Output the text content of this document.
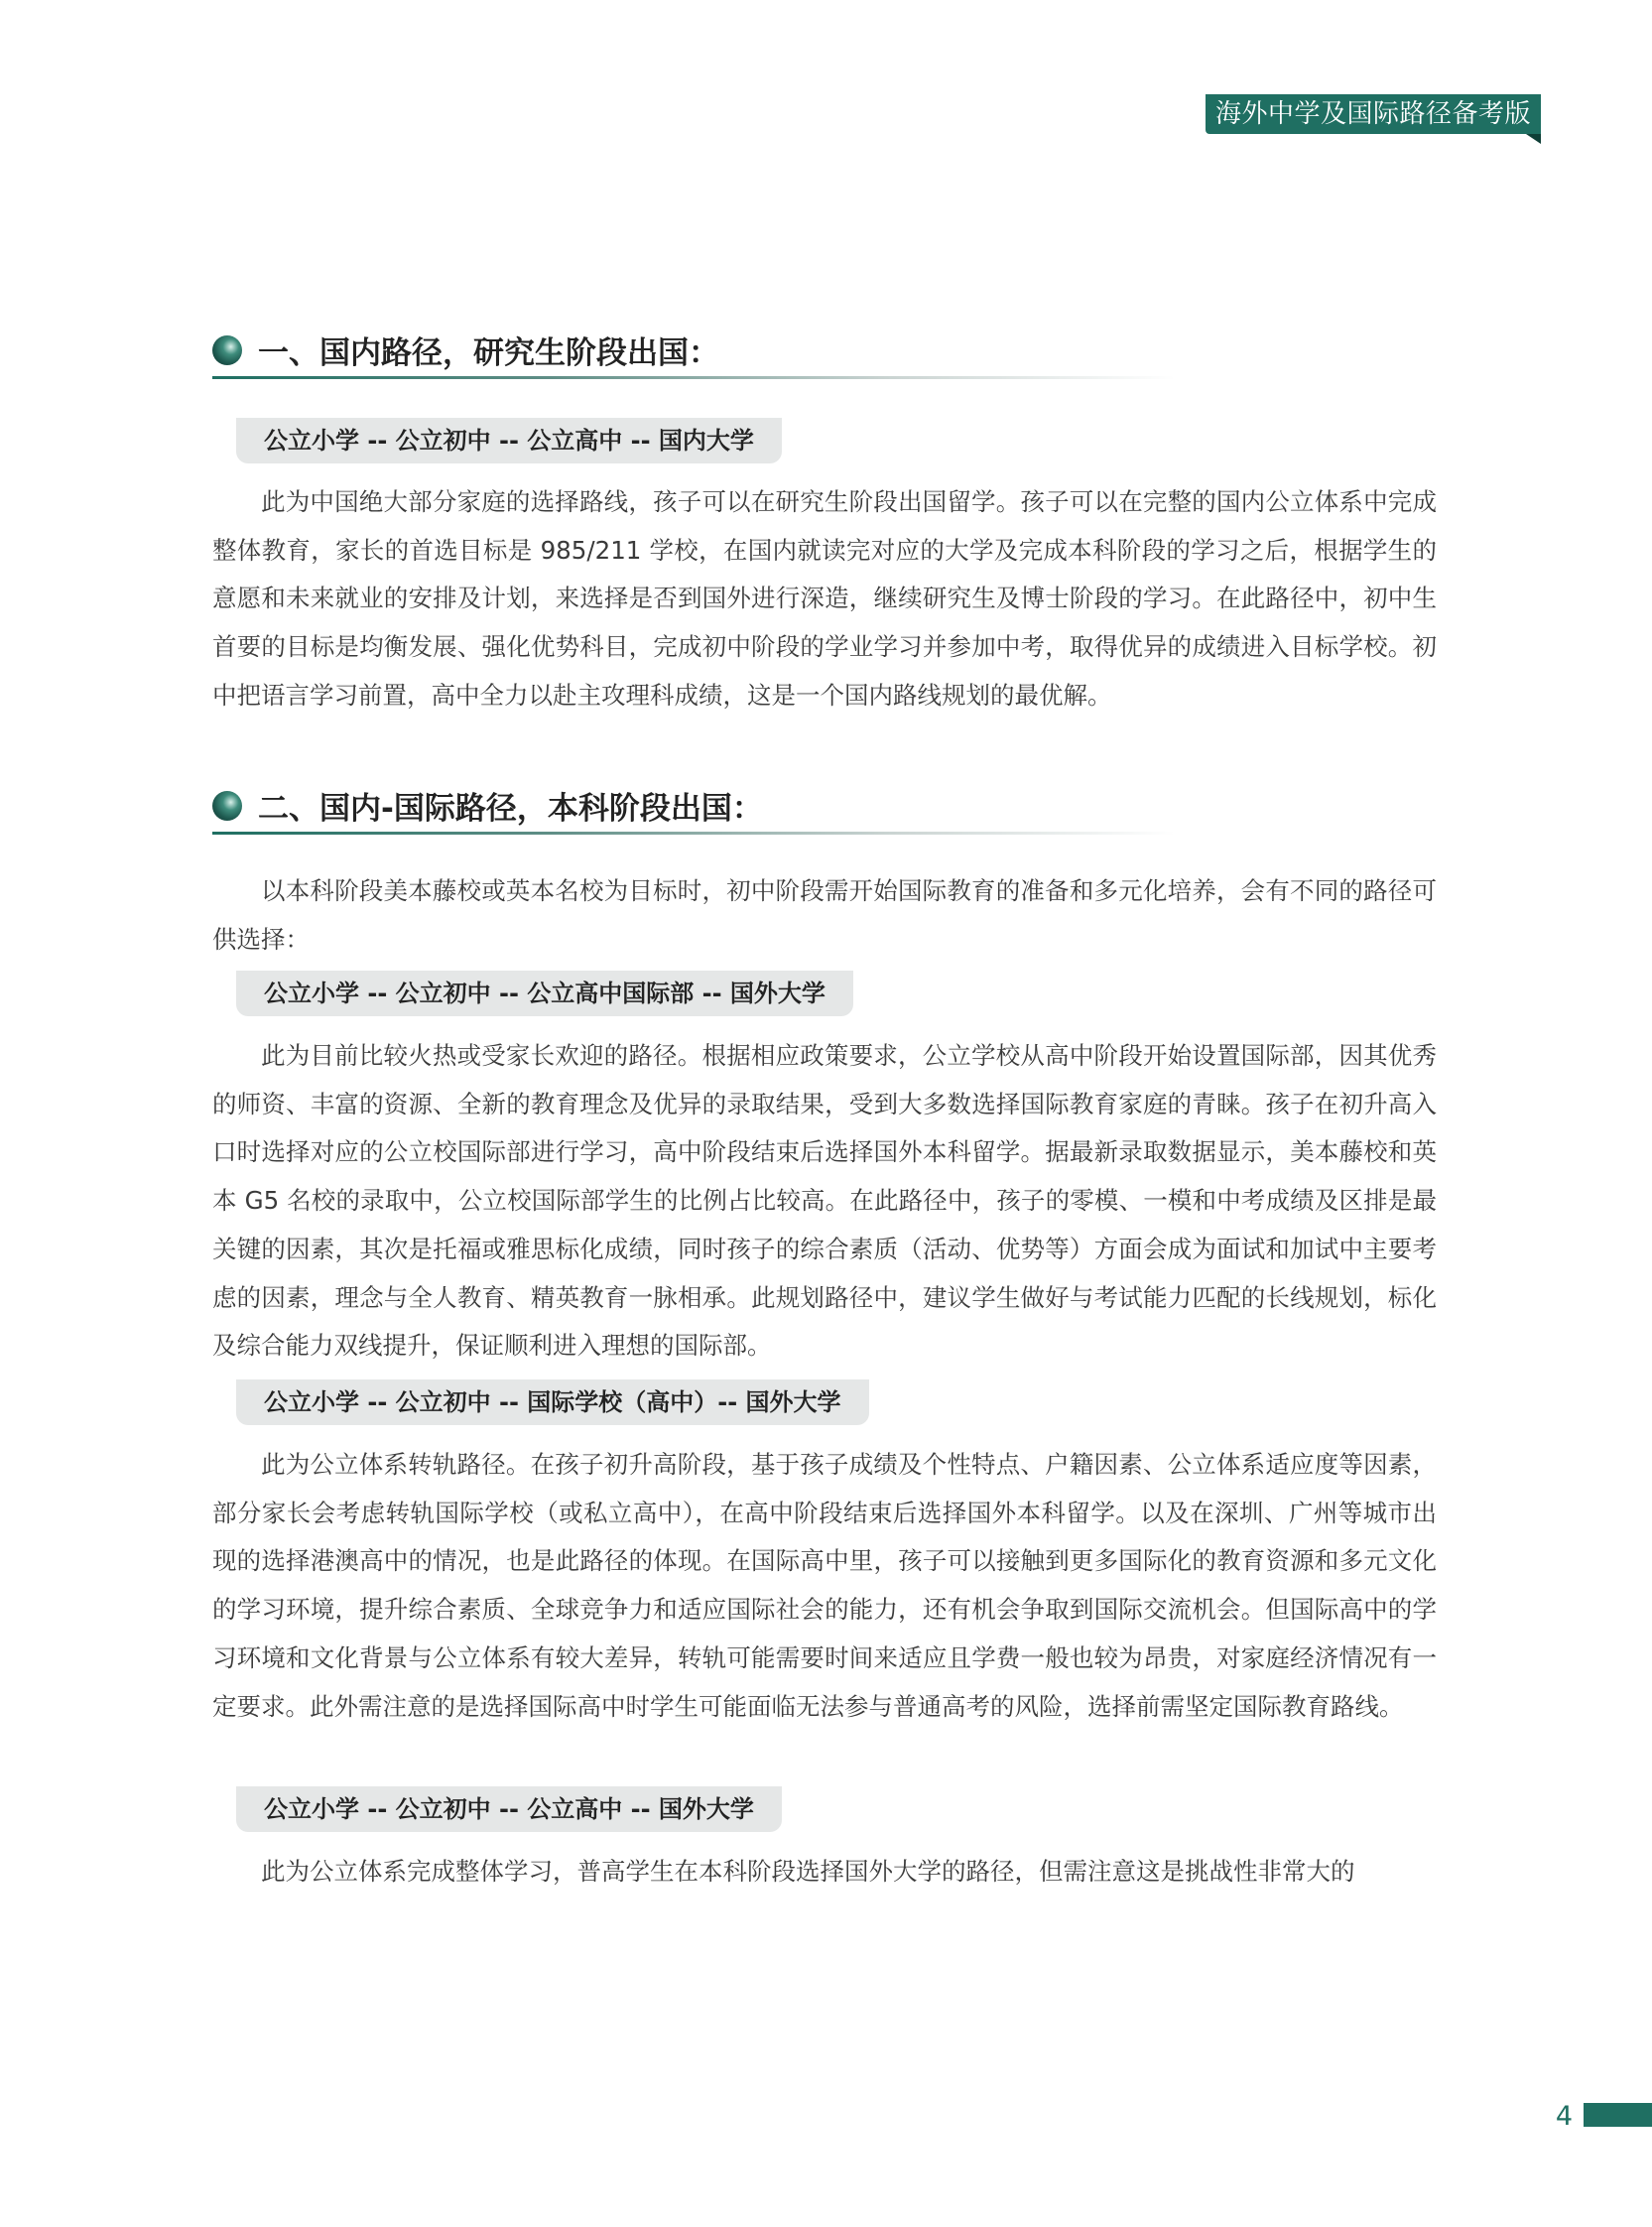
海外中学及国际路径备考版
一、国内路径，研究生阶段出国：
公立小学 -- 公立初中 -- 公立高中 -- 国内大学

此为中国绝大部分家庭的选择路线，孩子可以在研究生阶段出国留学。孩子可以在完整的国内公立体系中完成整体教育，家长的首选目标是 985/211 学校，在国内就读完对应的大学及完成本科阶段的学习之后，根据学生的意愿和未来就业的安排及计划，来选择是否到国外进行深造，继续研究生及博士阶段的学习。在此路径中，初中生首要的目标是均衡发展、强化优势科目，完成初中阶段的学业学习并参加中考，取得优异的成绩进入目标学校。初中把语言学习前置，高中全力以赴主攻理科成绩，这是一个国内路线规划的最优解。

二、国内-国际路径，本科阶段出国：

以本科阶段美本藤校或英本名校为目标时，初中阶段需开始国际教育的准备和多元化培养，会有不同的路径可供选择：

公立小学 -- 公立初中 -- 公立高中国际部 -- 国外大学

此为目前比较火热或受家长欢迎的路径。根据相应政策要求，公立学校从高中阶段开始设置国际部，因其优秀的师资、丰富的资源、全新的教育理念及优异的录取结果，受到大多数选择国际教育家庭的青睐。孩子在初升高入口时选择对应的公立校国际部进行学习，高中阶段结束后选择国外本科留学。据最新录取数据显示，美本藤校和英本 G5 名校的录取中，公立校国际部学生的比例占比较高。在此路径中，孩子的零模、一模和中考成绩及区排是最关键的因素，其次是托福或雅思标化成绩，同时孩子的综合素质（活动、优势等）方面会成为面试和加试中主要考虑的因素，理念与全人教育、精英教育一脉相承。此规划路径中，建议学生做好与考试能力匹配的长线规划，标化及综合能力双线提升，保证顺利进入理想的国际部。

公立小学 -- 公立初中 -- 国际学校（高中）-- 国外大学

此为公立体系转轨路径。在孩子初升高阶段，基于孩子成绩及个性特点、户籍因素、公立体系适应度等因素，部分家长会考虑转轨国际学校（或私立高中），在高中阶段结束后选择国外本科留学。以及在深圳、广州等城市出现的选择港澳高中的情况，也是此路径的体现。在国际高中里，孩子可以接触到更多国际化的教育资源和多元文化的学习环境，提升综合素质、全球竞争力和适应国际社会的能力，还有机会争取到国际交流机会。但国际高中的学习环境和文化背景与公立体系有较大差异，转轨可能需要时间来适应且学费一般也较为昂贵，对家庭经济情况有一定要求。此外需注意的是选择国际高中时学生可能面临无法参与普通高考的风险，选择前需坚定国际教育路线。

公立小学 -- 公立初中 -- 公立高中 -- 国外大学

此为公立体系完成整体学习，普高学生在本科阶段选择国外大学的路径，但需注意这是挑战性非常大的

4
